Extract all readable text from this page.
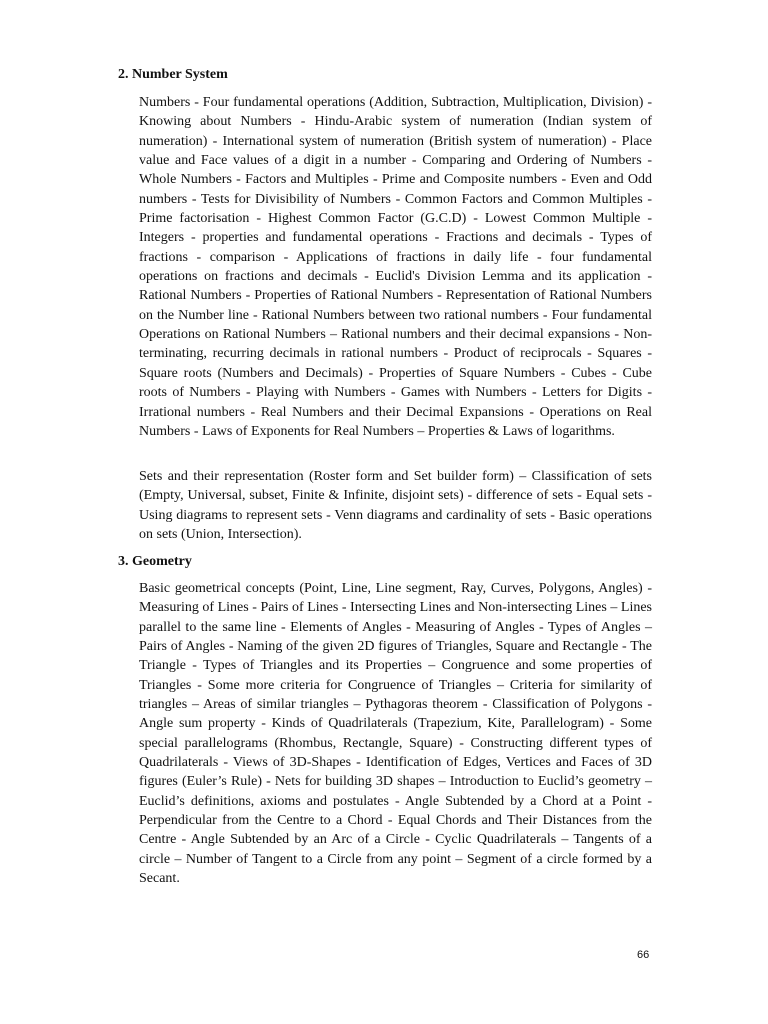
2. Number System

Numbers - Four fundamental operations (Addition, Subtraction, Multiplication, Division) - Knowing about Numbers - Hindu-Arabic system of numeration (Indian system of numeration) - International system of numeration (British system of numeration) - Place value and Face values of a digit in a number - Comparing and Ordering of Numbers - Whole Numbers - Factors and Multiples - Prime and Composite numbers - Even and Odd numbers - Tests for Divisibility of Numbers - Common Factors and Common Multiples - Prime factorisation - Highest Common Factor (G.C.D) - Lowest Common Multiple - Integers - properties and fundamental operations - Fractions and decimals - Types of fractions - comparison - Applications of fractions in daily life - four fundamental operations on fractions and decimals - Euclid's Division Lemma and its application - Rational Numbers - Properties of Rational Numbers - Representation of Rational Numbers on the Number line - Rational Numbers between two rational numbers - Four fundamental Operations on Rational Numbers – Rational numbers and their decimal expansions - Non-terminating, recurring decimals in rational numbers - Product of reciprocals - Squares - Square roots (Numbers and Decimals) - Properties of Square Numbers - Cubes - Cube roots of Numbers - Playing with Numbers - Games with Numbers - Letters for Digits - Irrational numbers - Real Numbers and their Decimal Expansions - Operations on Real Numbers - Laws of Exponents for Real Numbers – Properties & Laws of logarithms.

Sets and their representation (Roster form and Set builder form) – Classification of sets (Empty, Universal, subset, Finite & Infinite, disjoint sets) - difference of sets - Equal sets - Using diagrams to represent sets - Venn diagrams and cardinality of sets - Basic operations on sets (Union, Intersection).

3. Geometry

Basic geometrical concepts (Point, Line, Line segment, Ray, Curves, Polygons, Angles) - Measuring of Lines - Pairs of Lines - Intersecting Lines and Non-intersecting Lines – Lines parallel to the same line - Elements of Angles - Measuring of Angles - Types of Angles – Pairs of Angles - Naming of the given 2D figures of Triangles, Square and Rectangle - The Triangle - Types of Triangles and its Properties – Congruence and some properties of Triangles - Some more criteria for Congruence of Triangles – Criteria for similarity of triangles – Areas of similar triangles – Pythagoras theorem - Classification of Polygons - Angle sum property - Kinds of Quadrilaterals (Trapezium, Kite, Parallelogram) - Some special parallelograms (Rhombus, Rectangle, Square) - Constructing different types of Quadrilaterals - Views of 3D-Shapes - Identification of Edges, Vertices and Faces of 3D figures (Euler’s Rule) - Nets for building 3D shapes – Introduction to Euclid’s geometry – Euclid’s definitions, axioms and postulates - Angle Subtended by a Chord at a Point - Perpendicular from the Centre to a Chord - Equal Chords and Their Distances from the Centre - Angle Subtended by an Arc of a Circle - Cyclic Quadrilaterals – Tangents of a circle – Number of Tangent to a Circle from any point – Segment of a circle formed by a Secant.

66
